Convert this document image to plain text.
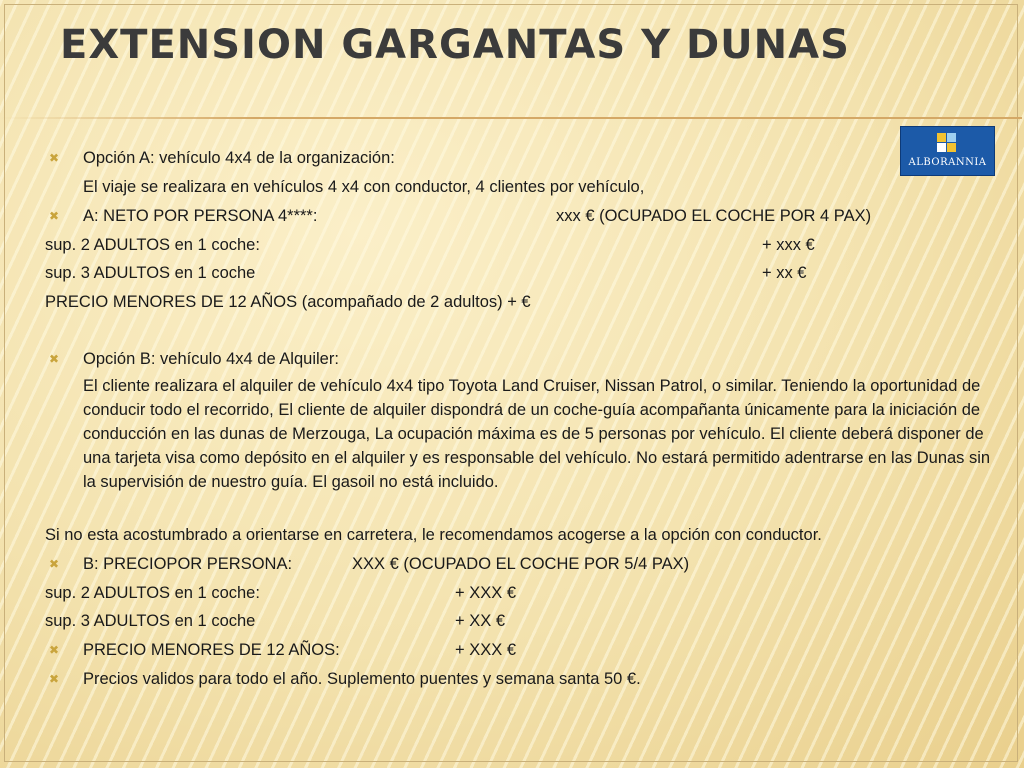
EXTENSION GARGANTAS Y DUNAS
ALBORANNIA
✖ Opción A: vehículo 4x4 de la organización:
El viaje se realizara en vehículos 4 x4 con conductor, 4 clientes por vehículo,
✖ A: NETO POR PERSONA 4****:	xxx € (OCUPADO EL COCHE POR 4 PAX)
sup. 2 ADULTOS en 1 coche:	+ xxx €
sup. 3 ADULTOS en 1 coche	+ xx €
PRECIO MENORES DE 12 AÑOS (acompañado de 2 adultos) + €
✖ Opción B: vehículo 4x4 de Alquiler:
El cliente realizara el alquiler de vehículo 4x4 tipo Toyota Land Cruiser, Nissan Patrol, o similar. Teniendo la oportunidad de conducir todo el recorrido, El cliente de alquiler dispondrá de un coche-guía acompañanta únicamente para la iniciación de conducción en las dunas de Merzouga, La ocupación máxima es de 5 personas por vehículo. El cliente deberá disponer de una tarjeta visa como depósito en el alquiler y es responsable del vehículo. No estará permitido adentrarse en las Dunas sin la supervisión de nuestro guía. El gasoil no está incluido.
Si no esta acostumbrado a orientarse en carretera, le recomendamos acogerse a la opción con conductor.
✖ B: PRECIOPOR PERSONA:	XXX € (OCUPADO EL COCHE POR 5/4 PAX)
sup. 2 ADULTOS en 1 coche:	+ XXX €
sup. 3 ADULTOS en 1 coche	+ XX €
✖ PRECIO MENORES DE 12 AÑOS:	+ XXX €
✖ Precios validos para todo el año. Suplemento puentes y semana santa 50 €.
